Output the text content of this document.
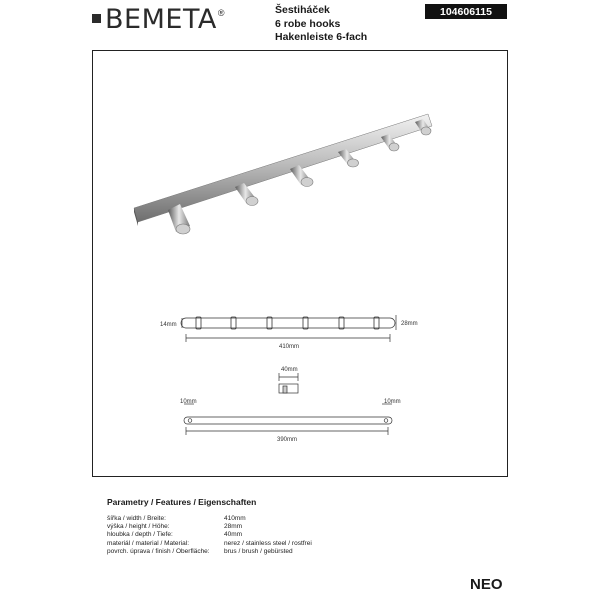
BEMETA ®	Šestiháček
6 robe hooks
Hakenleiste 6-fach
104606115
14mm	28mm
410mm
40mm
10mm	10mm
390mm
Parametry / Features / Eigenschaften
šířka / width / Breite:	410mm
výška / height / Höhe:	28mm
hloubka / depth / Tiefe:	40mm
materiál / material / Material:	nerez / stainless steel / rostfrei
povrch. úprava / finish / Oberfläche:	brus / brush / gebürsted
NEO
